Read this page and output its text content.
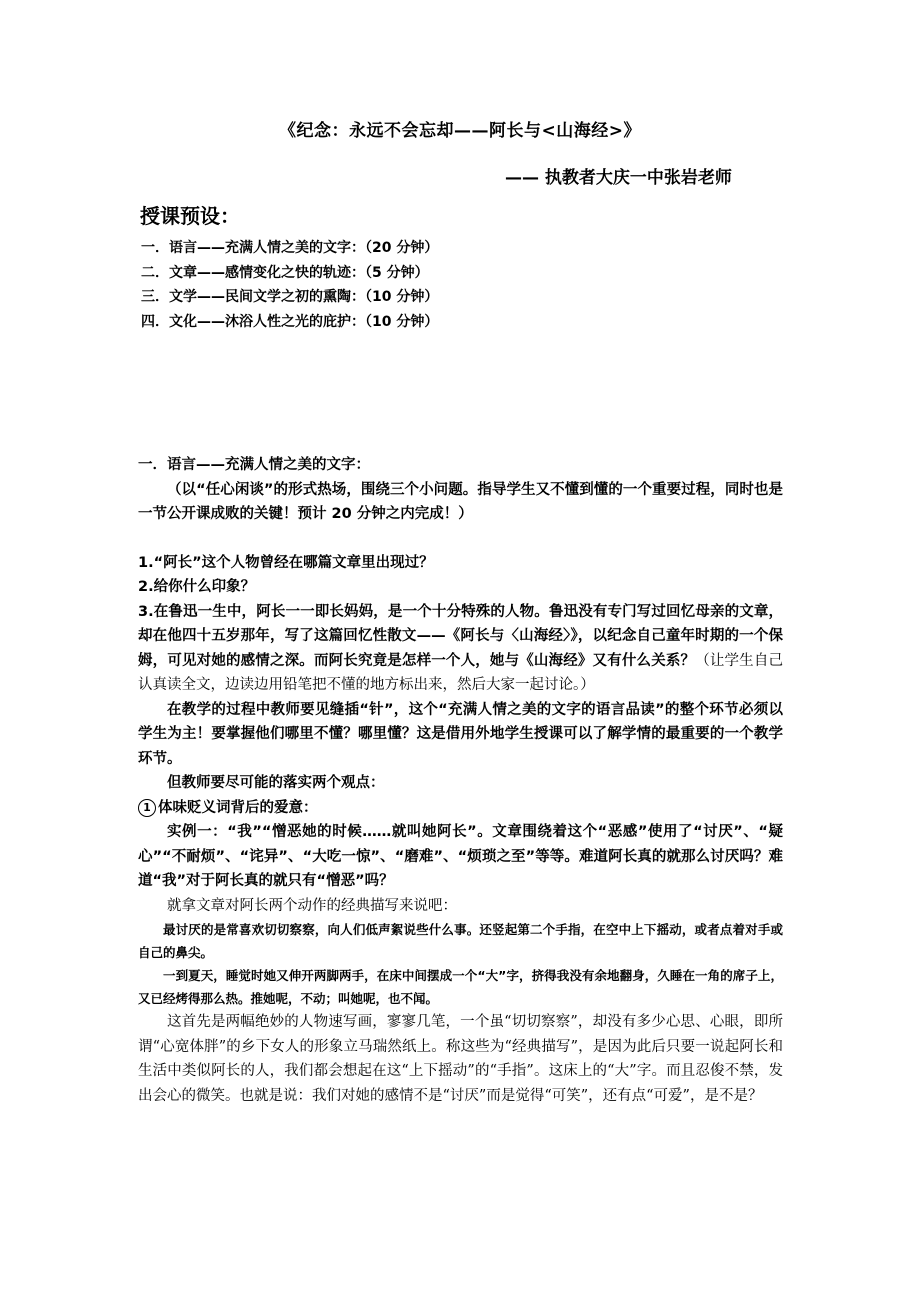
《纪念：永远不会忘却——阿长与<山海经>》
—— 执教者大庆一中张岩老师
授课预设：
一．语言——充满人情之美的文字：（20 分钟）
二．文章——感情变化之快的轨迹：（5 分钟）
三．文学——民间文学之初的熏陶：（10 分钟）
四．文化——沐浴人性之光的庇护：（10 分钟）

一．语言——充满人情之美的文字：

（以“任心闲谈”的形式热场，围绕三个小问题。指导学生又不懂到懂的一个重要过程，同时也是一节公开课成败的关键！预计 20 分钟之内完成！）

1.“阿长”这个人物曾经在哪篇文章里出现过？

2.给你什么印象？

3.在鲁迅一生中，阿长一一即长妈妈，是一个十分特殊的人物。鲁迅没有专门写过回忆母亲的文章，却在他四十五岁那年，写了这篇回忆性散文——《阿长与〈山海经〉》，以纪念自己童年时期的一个保姆，可见对她的感情之深。而阿长究竟是怎样一个人，她与《山海经》又有什么关系？（让学生自己认真读全文，边读边用铅笔把不懂的地方标出来，然后大家一起讨论。）

在教学的过程中教师要见缝插“针”，这个“充满人情之美的文字的语言品读”的整个环节必须以学生为主！要掌握他们哪里不懂？哪里懂？这是借用外地学生授课可以了解学情的最重要的一个教学环节。

但教师要尽可能的落实两个观点：

1 体味贬义词背后的爱意：

实例一：“我”“憎恶她的时候……就叫她阿长”。文章围绕着这个“恶感”使用了“讨厌”、“疑心”“不耐烦”、“诧异”、“大吃一惊”、“磨难”、“烦琐之至”等等。难道阿长真的就那么讨厌吗？难道“我”对于阿长真的就只有“憎恶”吗？

就拿文章对阿长两个动作的经典描写来说吧：

最讨厌的是常喜欢切切察察，向人们低声絮说些什么事。还竖起第二个手指，在空中上下摇动，或者点着对手或自己的鼻尖。

一到夏天，睡觉时她又伸开两脚两手，在床中间摆成一个“大”字，挤得我没有余地翻身，久睡在一角的席子上，又已经烤得那么热。推她呢，不动；叫她呢，也不闻。

这首先是两幅绝妙的人物速写画，寥寥几笔，一个虽“切切察察”，却没有多少心思、心眼，即所谓“心宽体胖”的乡下女人的形象立马瑞然纸上。称这些为“经典描写”，是因为此后只要一说起阿长和生活中类似阿长的人，我们都会想起在这“上下摇动”的“手指”。这床上的“大”字。而且忍俊不禁，发出会心的微笑。也就是说：我们对她的感情不是“讨厌”而是觉得“可笑”，还有点“可爱”，是不是？
